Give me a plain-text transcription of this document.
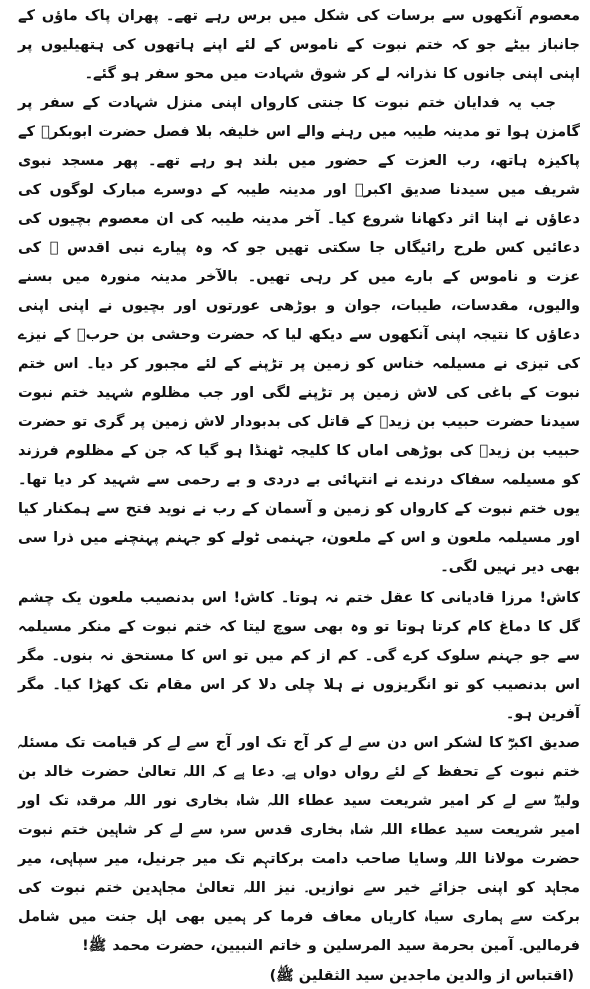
معصوم آنکھوں سے برسات کی شکل میں برس رہے تھے۔ پھران پاک ماؤں کے جانباز بیٹے جو کہ ختم نبوت کے ناموس کے لئے اپنے ہاتھوں کی ہتھیلیوں پر اپنی اپنی جانوں کا نذرانہ لے کر شوق شہادت میں محو سفر ہو گئے۔

جب یہ فدایان ختم نبوت کا جنتی کارواں اپنی منزل شہادت کے سفر پر گامزن ہوا تو مدینہ طیبہ میں رہنے والے اس خلیفہ بلا فصل حضرت ابوبکرؓ کے پاکیزہ ہاتھ، رب العزت کے حضور میں بلند ہو رہے تھے۔ پھر مسجد نبوی شریف میں سیدنا صدیق اکبرؓ اور مدینہ طیبہ کے دوسرے مبارک لوگوں کی دعاؤں نے اپنا اثر دکھانا شروع کیا۔ آخر مدینہ طیبہ کی ان معصوم بچیوں کی دعائیں کس طرح رائیگاں جا سکتی تھیں جو کہ وہ پیارے نبی اقدس ﷺ کی عزت و ناموس کے بارے میں کر رہی تھیں۔ بالآخر مدینہ منورہ میں بسنے والیوں، مقدسات، طیبات، جوان و بوڑھی عورتوں اور بچیوں نے اپنی اپنی دعاؤں کا نتیجہ اپنی آنکھوں سے دیکھ لیا کہ حضرت وحشی بن حربؓ کے نیزے کی تیزی نے مسیلمہ خناس کو زمین پر تڑپنے کے لئے مجبور کر دیا۔ اس ختم نبوت کے باغی کی لاش زمین پر تڑپنے لگی اور جب مظلوم شہید ختم نبوت سیدنا حضرت حبیب بن زیدؓ کے قاتل کی بدبودار لاش زمین پر گری تو حضرت حبیب بن زیدؓ کی بوڑھی اماں کا کلیجہ ٹھنڈا ہو گیا کہ جن کے مظلوم فرزند کو مسیلمہ سفاک درندے نے انتہائی بے دردی و بے رحمی سے شہید کر دیا تھا۔ یوں ختم نبوت کے کارواں کو زمین و آسمان کے رب نے نوید فتح سے ہمکنار کیا اور مسیلمہ ملعون و اس کے ملعون، جہنمی ٹولے کو جہنم پہنچنے میں ذرا سی بھی دیر نہیں لگی۔

کاش! مرزا قادیانی کا عقل ختم نہ ہوتا۔ کاش! اس بدنصیب ملعون یک چشم گل کا دماغ کام کرتا ہوتا تو وہ بھی سوچ لیتا کہ ختم نبوت کے منکر مسیلمہ سے جو جہنم سلوک کرے گی۔ کم از کم میں تو اس کا مستحق نہ بنوں۔ مگر اس بدنصیب کو تو انگریزوں نے ہلا چلی دلا کر اس مقام تک کھڑا کیا۔ مگر آفرین ہو۔

صدیق اکبرؓ کا لشکر اس دن سے لے کر آج تک اور آج سے لے کر قیامت تک مسئلہ ختم نبوت کے تحفظ کے لئے رواں دواں ہے۔ دعا ہے کہ اللہ تعالیٰ حضرت خالد بن ولیدؓ سے لے کر امیر شریعت سید عطاء اللہ شاہ بخاری نور اللہ مرقدہ تک اور امیر شریعت سید عطاء اللہ شاہ بخاری قدس سرہ سے لے کر شاہین ختم نبوت حضرت مولانا اللہ وسایا صاحب دامت برکاتہم تک میر جرنیل، میر سپاہی، میر مجاہد کو اپنی جزائے خیر سے نوازیں۔ نیز اللہ تعالیٰ مجاہدین ختم نبوت کی برکت سے ہماری سیاہ کاریاں معاف فرما کر ہمیں بھی اہل جنت میں شامل فرمالیں۔ آمین بحرمة سید المرسلین و خاتم النبیین، حضرت محمد ﷺ!

(اقتباس از والدین ماجدین سید الثقلین ﷺ)
